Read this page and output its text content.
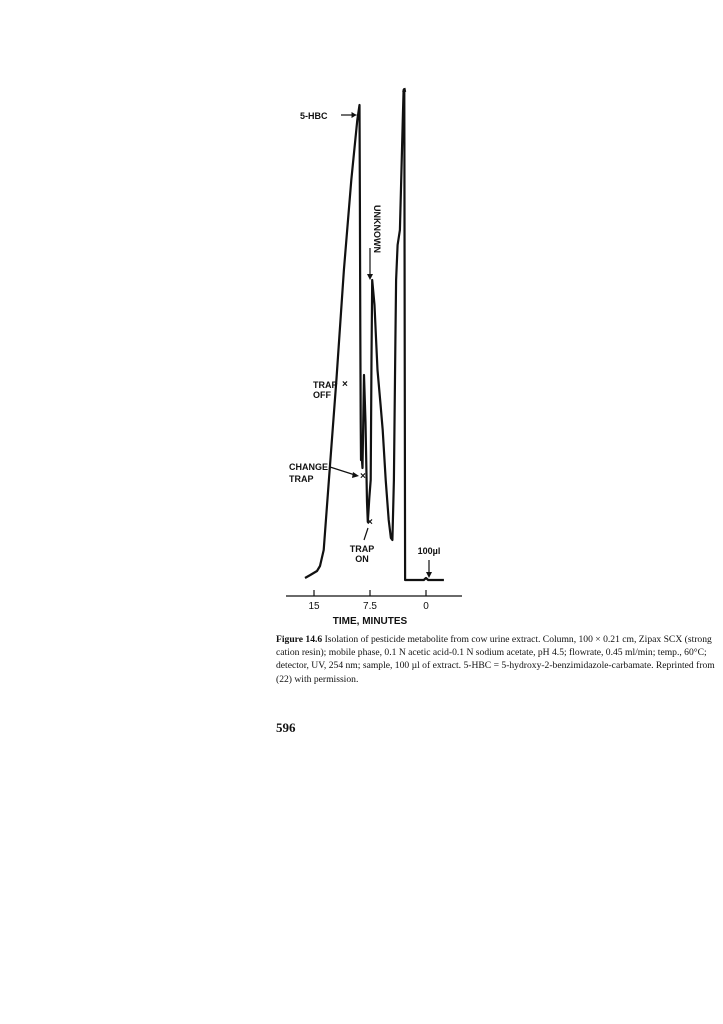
15	7.5	0
TIME, MINUTES
5-HBC
UNKNOWN
TRAP
OFF
×
CHANGE
TRAP	×
TRAP
ON
×
100µl
Figure 14.6 Isolation of pesticide metabolite from cow urine extract. Column, 100 × 0.21 cm, Zipax SCX (strong cation resin); mobile phase, 0.1 N acetic acid-0.1 N sodium acetate, pH 4.5; flowrate, 0.45 ml/min; temp., 60°C; detector, UV, 254 nm; sample, 100 µl of extract. 5-HBC = 5-hydroxy-2-benzimidazole-carbamate. Reprinted from (22) with permission.
596
